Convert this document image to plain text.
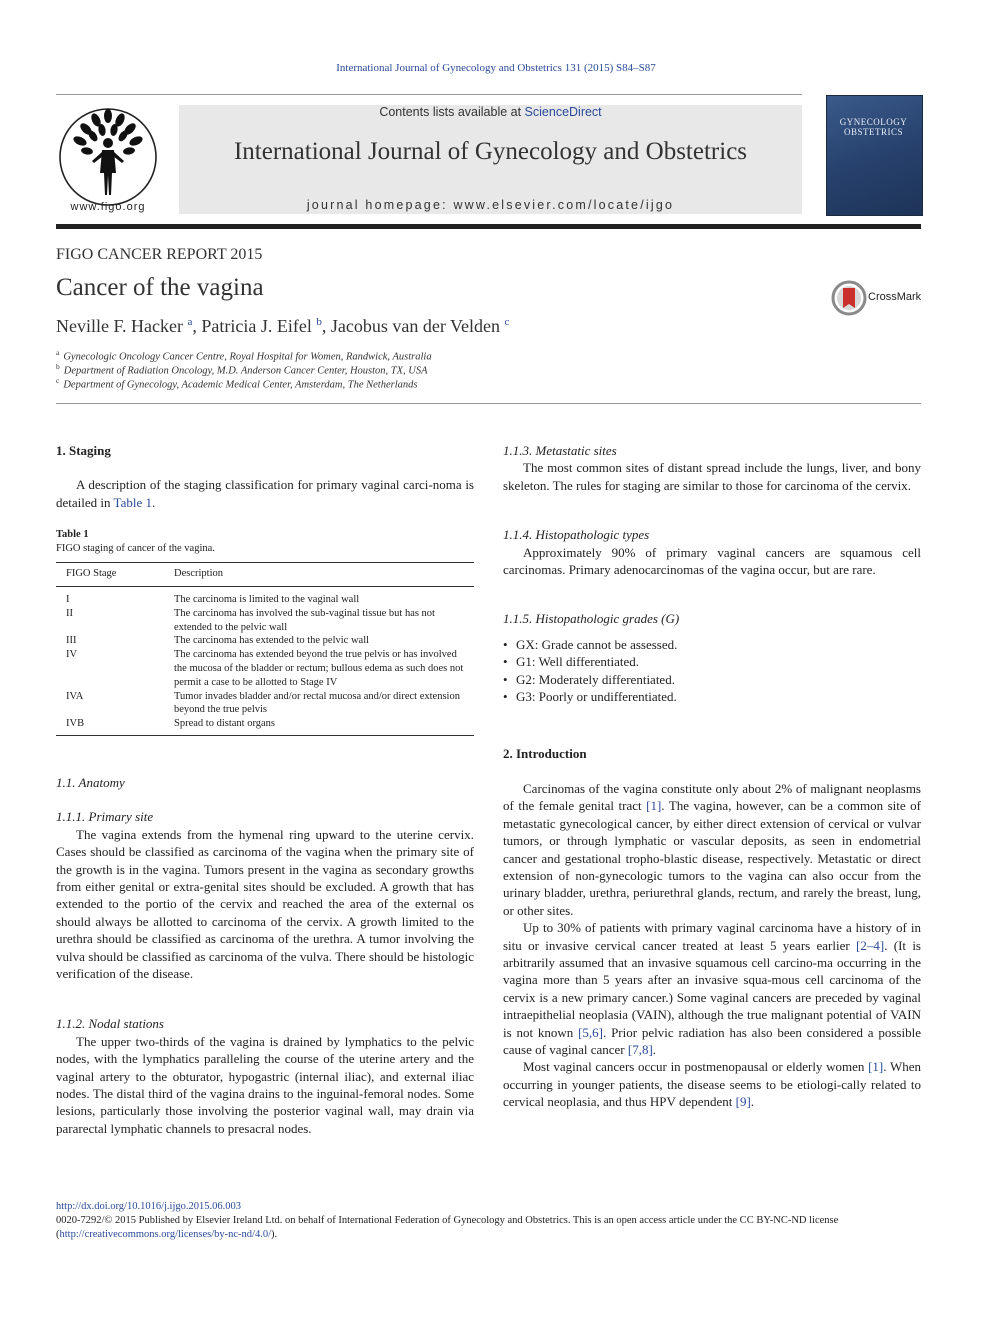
International Journal of Gynecology and Obstetrics 131 (2015) S84–S87
www.figo.org
Contents lists available at ScienceDirect
International Journal of Gynecology and Obstetrics
journal homepage: www.elsevier.com/locate/ijgo
GYNECOLOGY
OBSTETRICS
FIGO CANCER REPORT 2015
Cancer of the vagina	CrossMark
Neville F. Hacker $^a$, Patricia J. Eifel $^b$, Jacobus van der Velden $^c$
$^a$ Gynecologic Oncology Cancer Centre, Royal Hospital for Women, Randwick, Australia
$^b$ Department of Radiation Oncology, M.D. Anderson Cancer Center, Houston, TX, USA
$^c$ Department of Gynecology, Academic Medical Center, Amsterdam, The Netherlands
1. Staging
A description of the staging classification for primary vaginal carci-noma is detailed in Table 1.
Table 1
FIGO staging of cancer of the vagina.
FIGO Stage	Description
I	The carcinoma is limited to the vaginal wall
II	The carcinoma has involved the sub-vaginal tissue but has not extended to the pelvic wall
III	The carcinoma has extended to the pelvic wall
IV	The carcinoma has extended beyond the true pelvis or has involved the mucosa of the bladder or rectum; bullous edema as such does not permit a case to be allotted to Stage IV
IVA	Tumor invades bladder and/or rectal mucosa and/or direct extension beyond the true pelvis
IVB	Spread to distant organs
1.1. Anatomy
1.1.1. Primary site
The vagina extends from the hymenal ring upward to the uterine cervix. Cases should be classified as carcinoma of the vagina when the primary site of the growth is in the vagina. Tumors present in the vagina as secondary growths from either genital or extra-genital sites should be excluded. A growth that has extended to the portio of the cervix and reached the area of the external os should always be allotted to carcinoma of the cervix. A growth limited to the urethra should be classified as carcinoma of the urethra. A tumor involving the vulva should be classified as carcinoma of the vulva. There should be histologic verification of the disease.
1.1.2. Nodal stations
The upper two-thirds of the vagina is drained by lymphatics to the pelvic nodes, with the lymphatics paralleling the course of the uterine artery and the vaginal artery to the obturator, hypogastric (internal iliac), and external iliac nodes. The distal third of the vagina drains to the inguinal-femoral nodes. Some lesions, particularly those involving the posterior vaginal wall, may drain via pararectal lymphatic channels to presacral nodes.
1.1.3. Metastatic sites
The most common sites of distant spread include the lungs, liver, and bony skeleton. The rules for staging are similar to those for carcinoma of the cervix.
1.1.4. Histopathologic types
Approximately 90% of primary vaginal cancers are squamous cell carcinomas. Primary adenocarcinomas of the vagina occur, but are rare.
1.1.5. Histopathologic grades (G)
• GX: Grade cannot be assessed.
• G1: Well differentiated.
• G2: Moderately differentiated.
• G3: Poorly or undifferentiated.
2. Introduction
Carcinomas of the vagina constitute only about 2% of malignant neoplasms of the female genital tract [1]. The vagina, however, can be a common site of metastatic gynecological cancer, by either direct extension of cervical or vulvar tumors, or through lymphatic or vascular deposits, as seen in endometrial cancer and gestational tropho-blastic disease, respectively. Metastatic or direct extension of non-gynecologic tumors to the vagina can also occur from the urinary bladder, urethra, periurethral glands, rectum, and rarely the breast, lung, or other sites.
Up to 30% of patients with primary vaginal carcinoma have a history of in situ or invasive cervical cancer treated at least 5 years earlier [2–4]. (It is arbitrarily assumed that an invasive squamous cell carcino-ma occurring in the vagina more than 5 years after an invasive squa-mous cell carcinoma of the cervix is a new primary cancer.) Some vaginal cancers are preceded by vaginal intraepithelial neoplasia (VAIN), although the true malignant potential of VAIN is not known [5,6]. Prior pelvic radiation has also been considered a possible cause of vaginal cancer [7,8].
Most vaginal cancers occur in postmenopausal or elderly women [1]. When occurring in younger patients, the disease seems to be etiologi-cally related to cervical neoplasia, and thus HPV dependent [9].
http://dx.doi.org/10.1016/j.ijgo.2015.06.003
0020-7292/© 2015 Published by Elsevier Ireland Ltd. on behalf of International Federation of Gynecology and Obstetrics. This is an open access article under the CC BY-NC-ND license
(http://creativecommons.org/licenses/by-nc-nd/4.0/).
